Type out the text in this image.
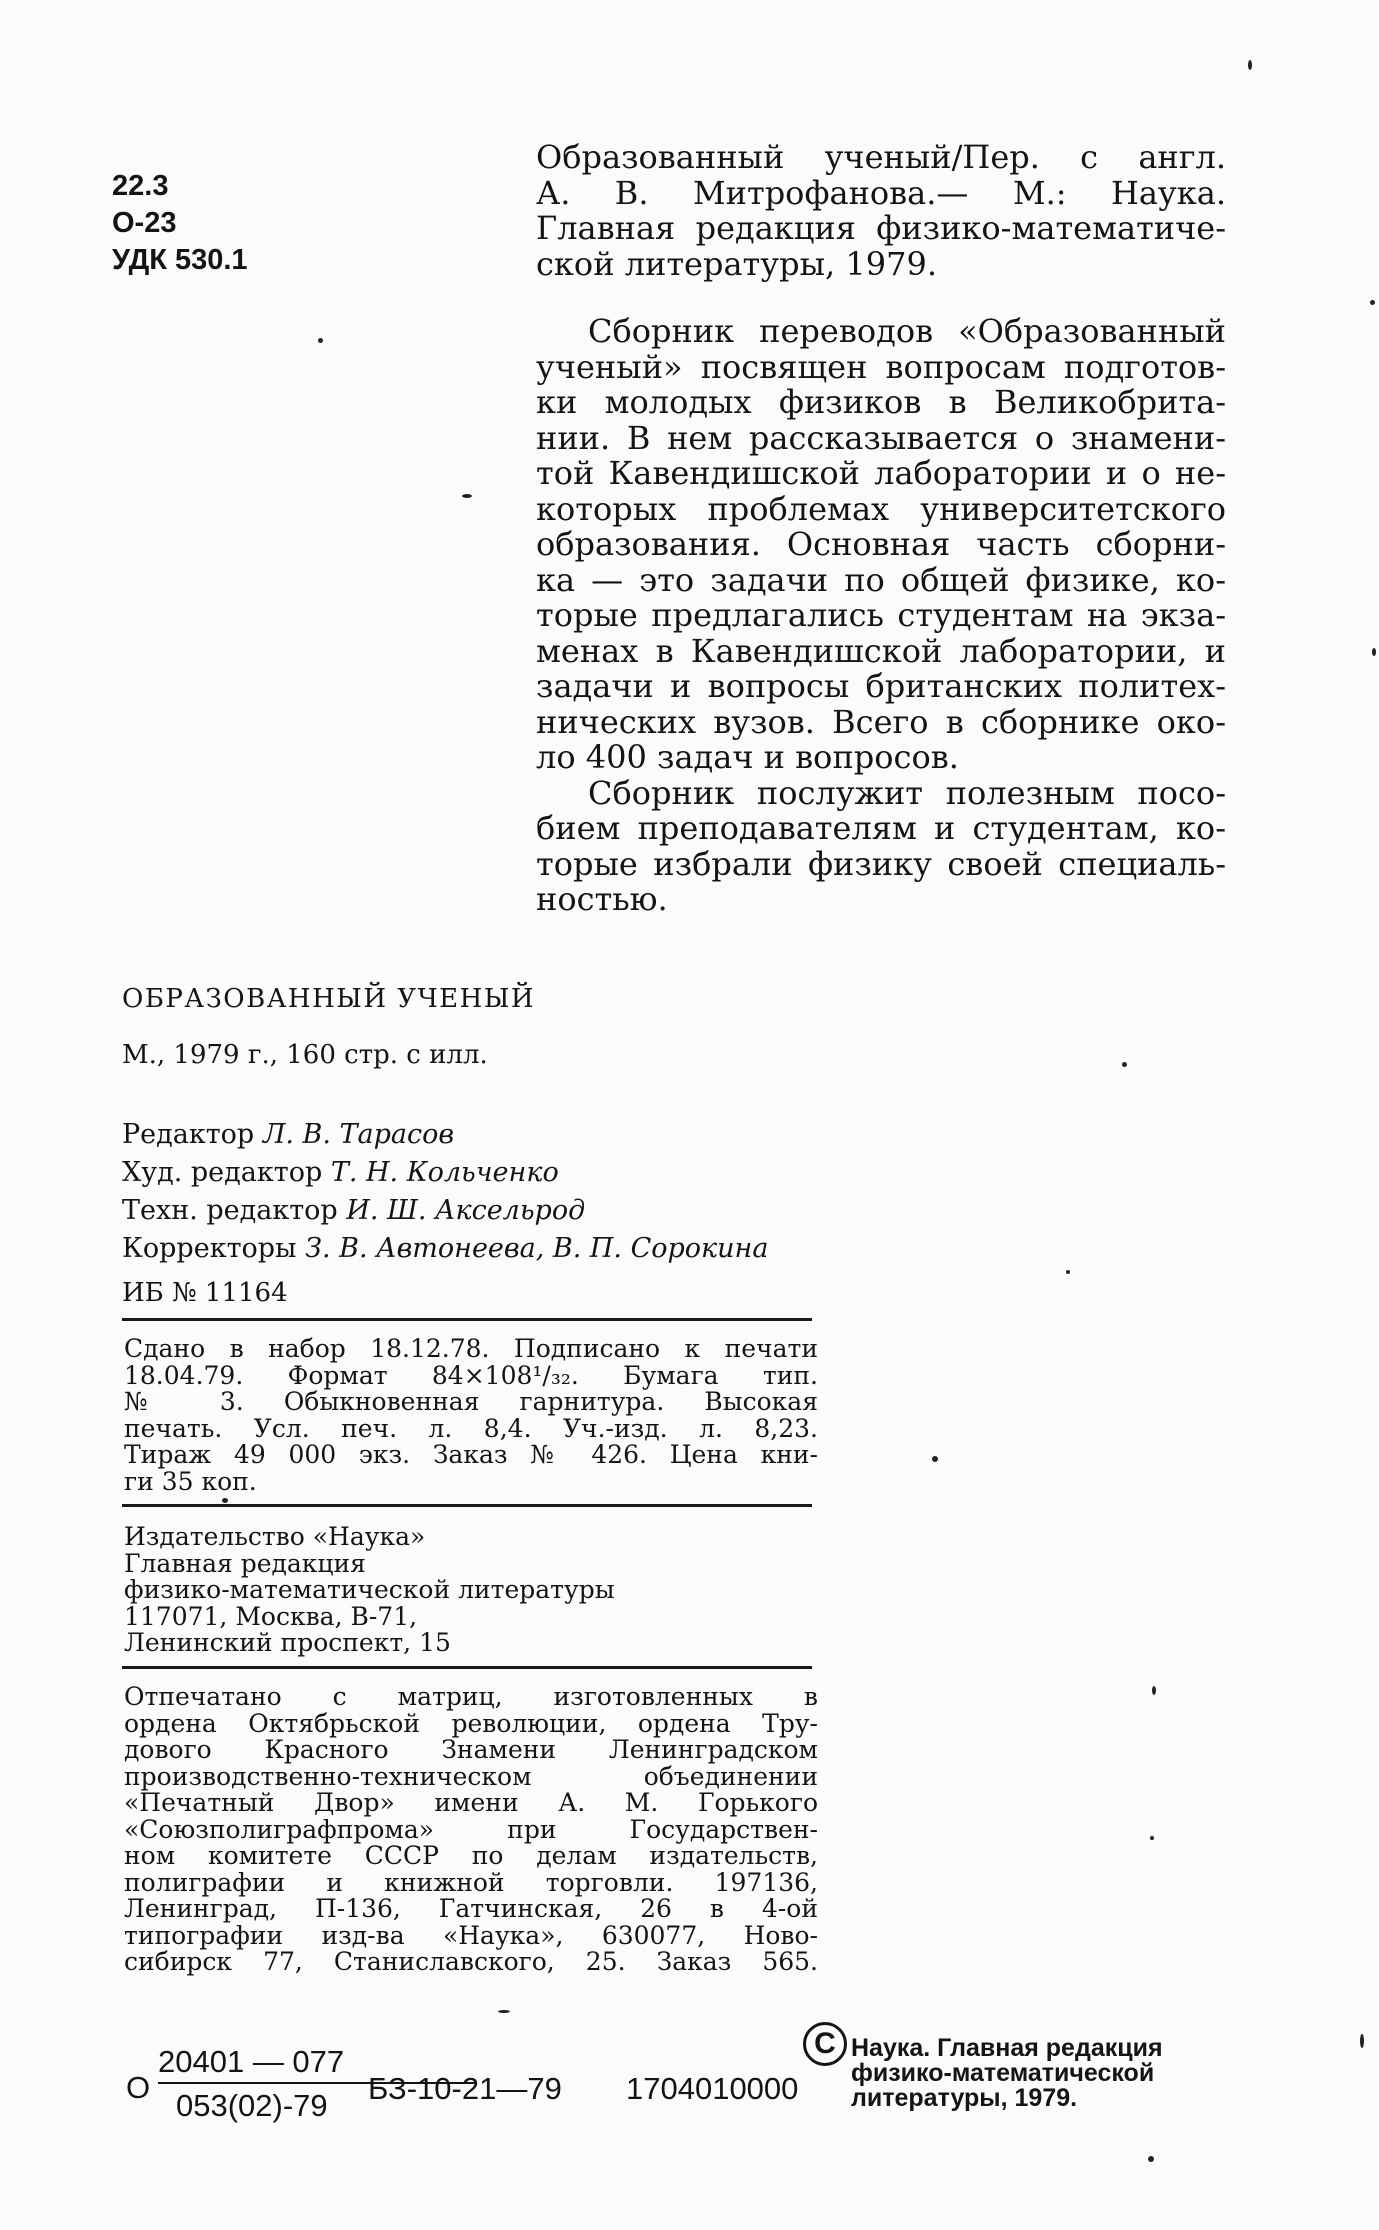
22.3
О-23
УДК 530.1
Образованный ученый/Пер. с англ.
А. В. Митрофанова.— М.: Наука.
Главная редакция физико-математиче-
ской литературы, 1979.
Сборник переводов «Образованный
ученый» посвящен вопросам подготов-
ки молодых физиков в Великобрита-
нии. В нем рассказывается о знамени-
той Кавендишской лаборатории и о не-
которых проблемах университетского
образования. Основная часть сборни-
ка — это задачи по общей физике, ко-
торые предлагались студентам на экза-
менах в Кавендишской лаборатории, и
задачи и вопросы британских политех-
нических вузов. Всего в сборнике око-
ло 400 задач и вопросов.
Сборник послужит полезным посо-
бием преподавателям и студентам, ко-
торые избрали физику своей специаль-
ностью.
ОБРАЗОВАННЫЙ УЧЕНЫЙ
М., 1979 г., 160 стр. с илл.
Редактор Л. В. Тарасов
Худ. редактор Т. Н. Кольченко
Техн. редактор И. Ш. Аксельрод
Корректоры З. В. Автонеева, В. П. Сорокина
ИБ № 11164
Сдано в набор 18.12.78. Подписано к печати
18.04.79. Формат 84×108¹/₃₂. Бумага тип.
№ 3. Обыкновенная гарнитура. Высокая
печать. Усл. печ. л. 8,4. Уч.-изд. л. 8,23.
Тираж 49 000 экз. Заказ № 426. Цена кни-
ги 35 коп.
Издательство «Наука»
Главная редакция
физико-математической литературы
117071, Москва, В-71,
Ленинский проспект, 15
Отпечатано с матриц, изготовленных в
ордена Октябрьской революции, ордена Тру-
дового Красного Знамени Ленинградском
производственно-техническом объединении
«Печатный Двор» имени А. М. Горького
«Союзполиграфпрома» при Государствен-
ном комитете СССР по делам издательств,
полиграфии и книжной торговли. 197136,
Ленинград, П-136, Гатчинская, 26 в 4-ой
типографии изд-ва «Наука», 630077, Ново-
сибирск 77, Станиславского, 25. Заказ 565.
О
20401 — 077
053(02)-79 БЗ-10-21—79 1704010000
С Наука. Главная редакция
физико-математической
литературы, 1979.
